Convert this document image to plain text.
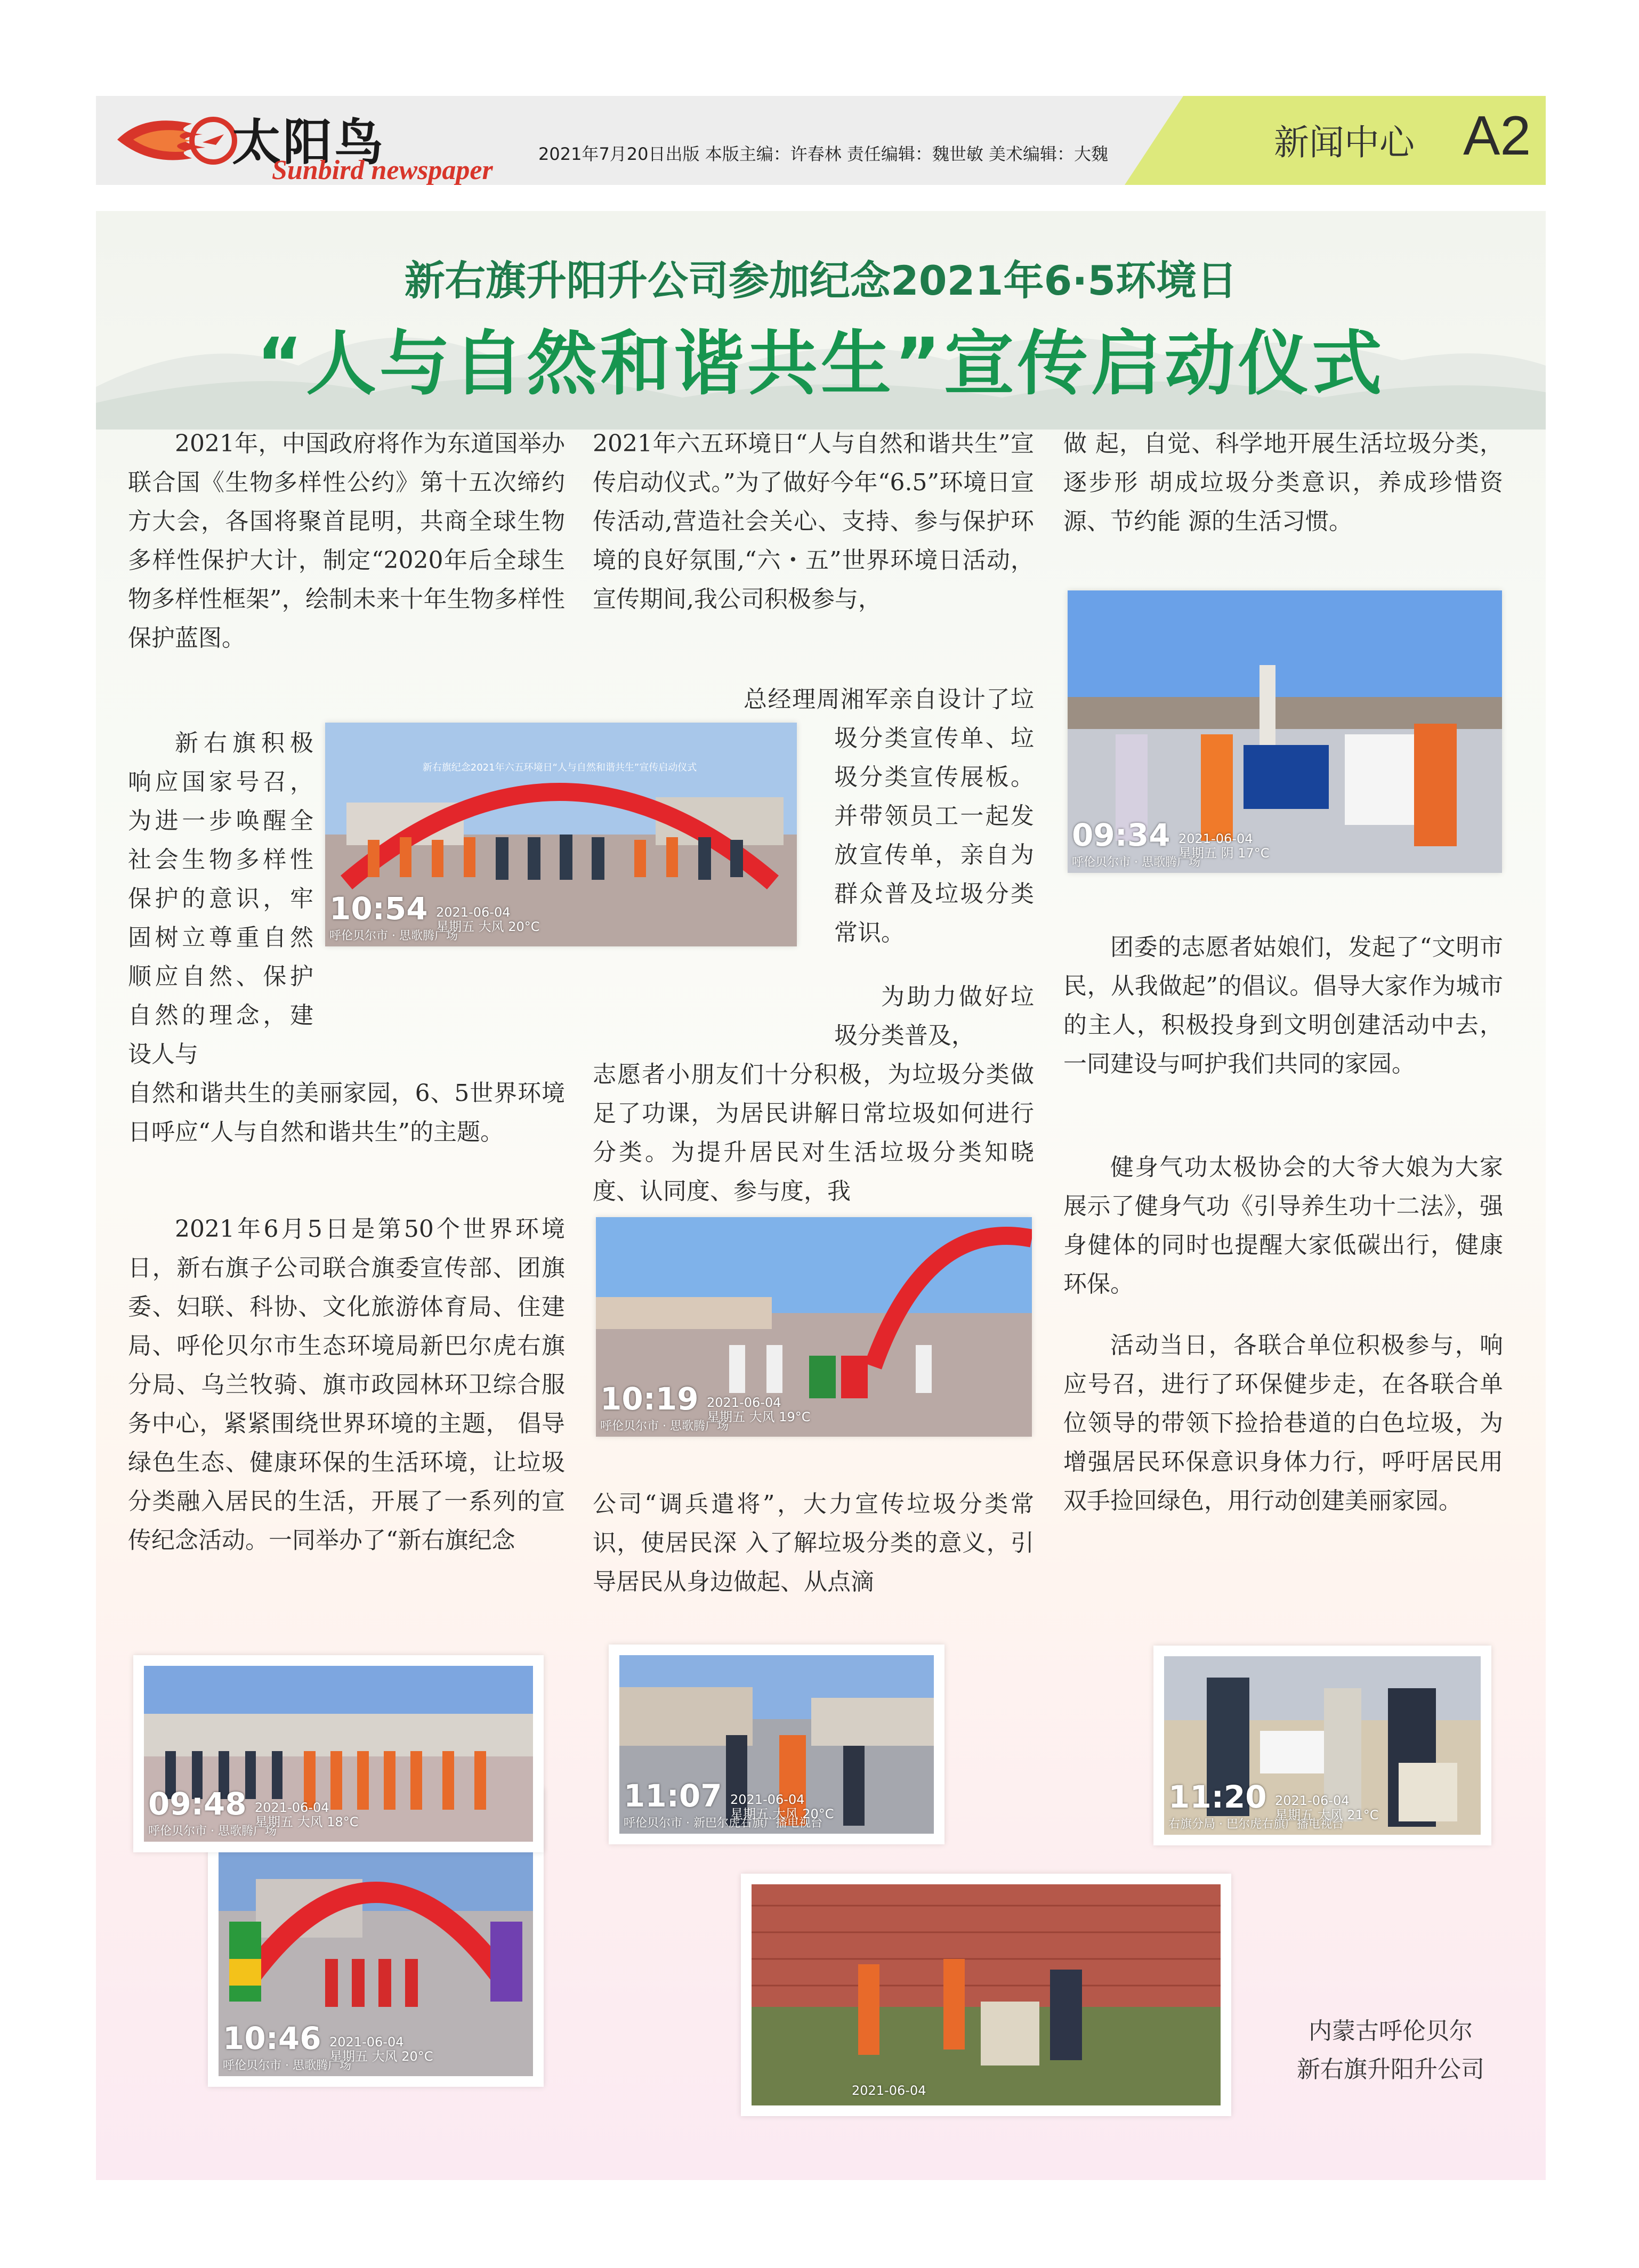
太阳鸟
Sunbird newspaper
2021年7月20日出版 本版主编：许春林 责任编辑：魏世敏 美术编辑：大魏	新闻中心 A2
新右旗升阳升公司参加纪念2021年6·5环境日
“人与自然和谐共生”宣传启动仪式
2021年，中国政府将作为东道国举办联合国《生物多样性公约》第十五次缔约方大会，各国将聚首昆明，共商全球生物多样性保护大计，制定“2020年后全球生物多样性框架”，绘制未来十年生物多样性保护蓝图。
新右旗积极响应国家号召，为进一步唤醒全社会生物多样性保护的意识，牢固树立尊重自然顺应自然、保护自然的理念，建设人与
自然和谐共生的美丽家园，6、5世界环境日呼应“人与自然和谐共生”的主题。
2021年6月5日是第50个世界环境日，新右旗子公司联合旗委宣传部、团旗委、妇联、科协、文化旅游体育局、住建局、呼伦贝尔市生态环境局新巴尔虎右旗分局、乌兰牧骑、旗市政园林环卫综合服务中心，紧紧围绕世界环境的主题， 倡导绿色生态、健康环保的生活环境，让垃圾分类融入居民的生活，开展了一系列的宣传纪念活动。一同举办了“新右旗纪念
2021年六五环境日“人与自然和谐共生”宣传启动仪式。”为了做好今年“6.5”环境日宣传活动,营造社会关心、支持、参与保护环境的良好氛围,“六・五”世界环境日活动，宣传期间,我公司积极参与，
总经理周湘军亲自设计了垃圾分类宣传单、垃圾分类宣传展板。并带领员工一起发放宣传单，亲自为群众普及垃圾分类常识。
为助力做好垃圾分类普及，
志愿者小朋友们十分积极，为垃圾分类做足了功课，为居民讲解日常垃圾如何进行分类。为提升居民对生活垃圾分类知晓度、认同度、参与度，我
公司“调兵遣将”，大力宣传垃圾分类常识，使居民深 入了解垃圾分类的意义，引导居民从身边做起、从点滴
做 起，自觉、科学地开展生活垃圾分类，逐步形 胡成垃圾分类意识，养成珍惜资源、节约能 源的生活习惯。
团委的志愿者姑娘们，发起了“文明市民，从我做起”的倡议。倡导大家作为城市的主人，积极投身到文明创建活动中去，一同建设与呵护我们共同的家园。
健身气功太极协会的大爷大娘为大家展示了健身气功《引导养生功十二法》，强身健体的同时也提醒大家低碳出行，健康环保。
活动当日，各联合单位积极参与，响应号召，进行了环保健步走，在各联合单位领导的带领下捡拾巷道的白色垃圾，为增强居民环保意识身体力行，呼吁居民用双手捡回绿色，用行动创建美丽家园。
新右旗纪念2021年六五环境日“人与自然和谐共生”宣传启动仪式
10:54 2021-06-04
星期五 大风 20°C
呼伦贝尔市 · 思歌腾广场
09:34 2021-06-04
星期五 阴 17°C
呼伦贝尔市 · 思歌腾广场
10:19 2021-06-04
星期五 大风 19°C
呼伦贝尔市 · 思歌腾广场
10:46 2021-06-04
星期五 大风 20°C
呼伦贝尔市 · 思歌腾广场
09:48 2021-06-04
星期五 大风 18°C
呼伦贝尔市 · 思歌腾广场
11:07 2021-06-04
星期五 大风 20°C
呼伦贝尔市 · 新巴尔虎右旗广播电视台
11:20 2021-06-04
星期五 大风 21°C
右旗分局 · 巴尔虎右旗广播电视台
2021-06-04
内蒙古呼伦贝尔
新右旗升阳升公司
